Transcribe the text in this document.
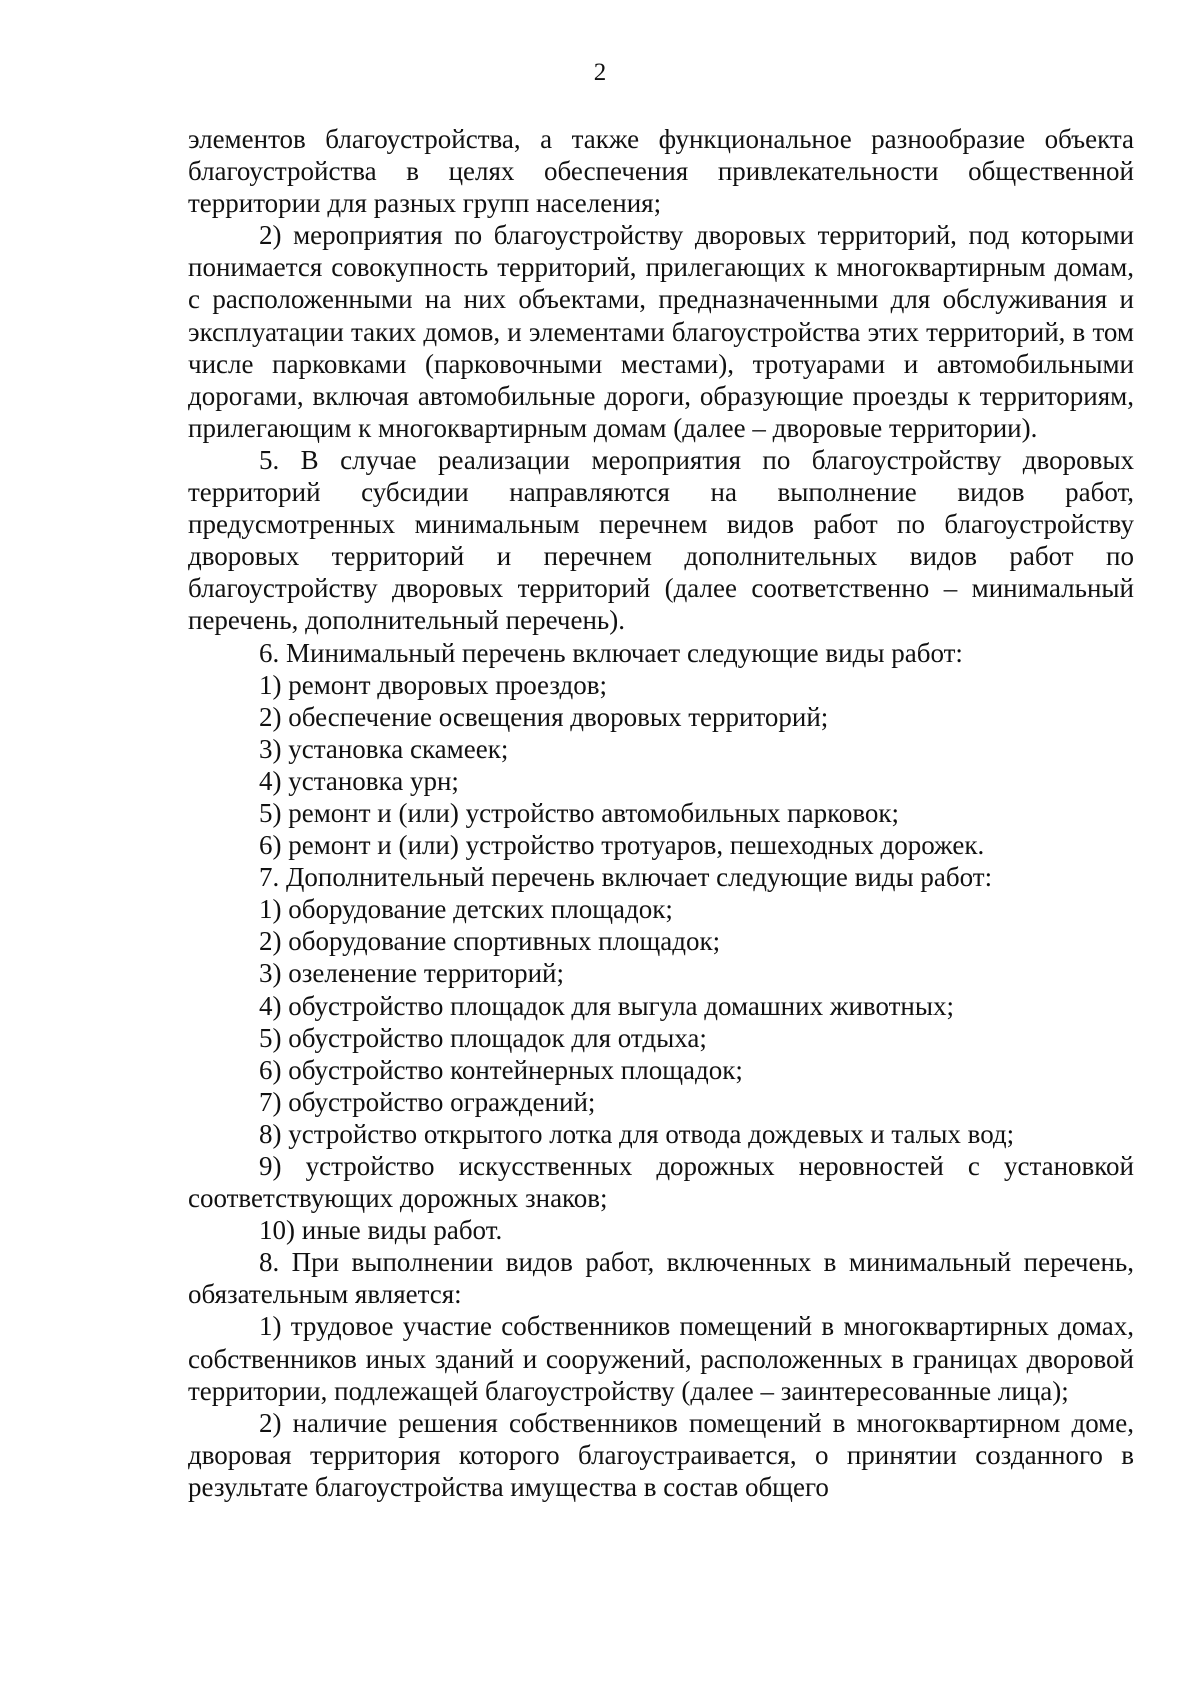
2

элементов благоустройства, а также функциональное разнообразие объекта благоустройства в целях обеспечения привлекательности общественной территории для разных групп населения;

2) мероприятия по благоустройству дворовых территорий, под которыми понимается совокупность территорий, прилегающих к многоквартирным домам, с расположенными на них объектами, предназначенными для обслуживания и эксплуатации таких домов, и элементами благоустройства этих территорий, в том числе парковками (парковочными местами), тротуарами и автомобильными дорогами, включая автомобильные дороги, образующие проезды к территориям, прилегающим к многоквартирным домам (далее – дворовые территории).

5. В случае реализации мероприятия по благоустройству дворовых территорий субсидии направляются на выполнение видов работ, предусмотренных минимальным перечнем видов работ по благоустройству дворовых территорий и перечнем дополнительных видов работ по благоустройству дворовых территорий (далее соответственно – минимальный перечень, дополнительный перечень).

6. Минимальный перечень включает следующие виды работ:

1) ремонт дворовых проездов;

2) обеспечение освещения дворовых территорий;

3) установка скамеек;

4) установка урн;

5) ремонт и (или) устройство автомобильных парковок;

6) ремонт и (или) устройство тротуаров, пешеходных дорожек.

7. Дополнительный перечень включает следующие виды работ:

1) оборудование детских площадок;

2) оборудование спортивных площадок;

3) озеленение территорий;

4) обустройство площадок для выгула домашних животных;

5) обустройство площадок для отдыха;

6) обустройство контейнерных площадок;

7) обустройство ограждений;

8) устройство открытого лотка для отвода дождевых и талых вод;

9) устройство искусственных дорожных неровностей с установкой соответствующих дорожных знаков;

10) иные виды работ.

8. При выполнении видов работ, включенных в минимальный перечень, обязательным является:

1) трудовое участие собственников помещений в многоквартирных домах, собственников иных зданий и сооружений, расположенных в границах дворовой территории, подлежащей благоустройству (далее – заинтересованные лица);

2) наличие решения собственников помещений в многоквартирном доме, дворовая территория которого благоустраивается, о принятии созданного в результате благоустройства имущества в состав общего
